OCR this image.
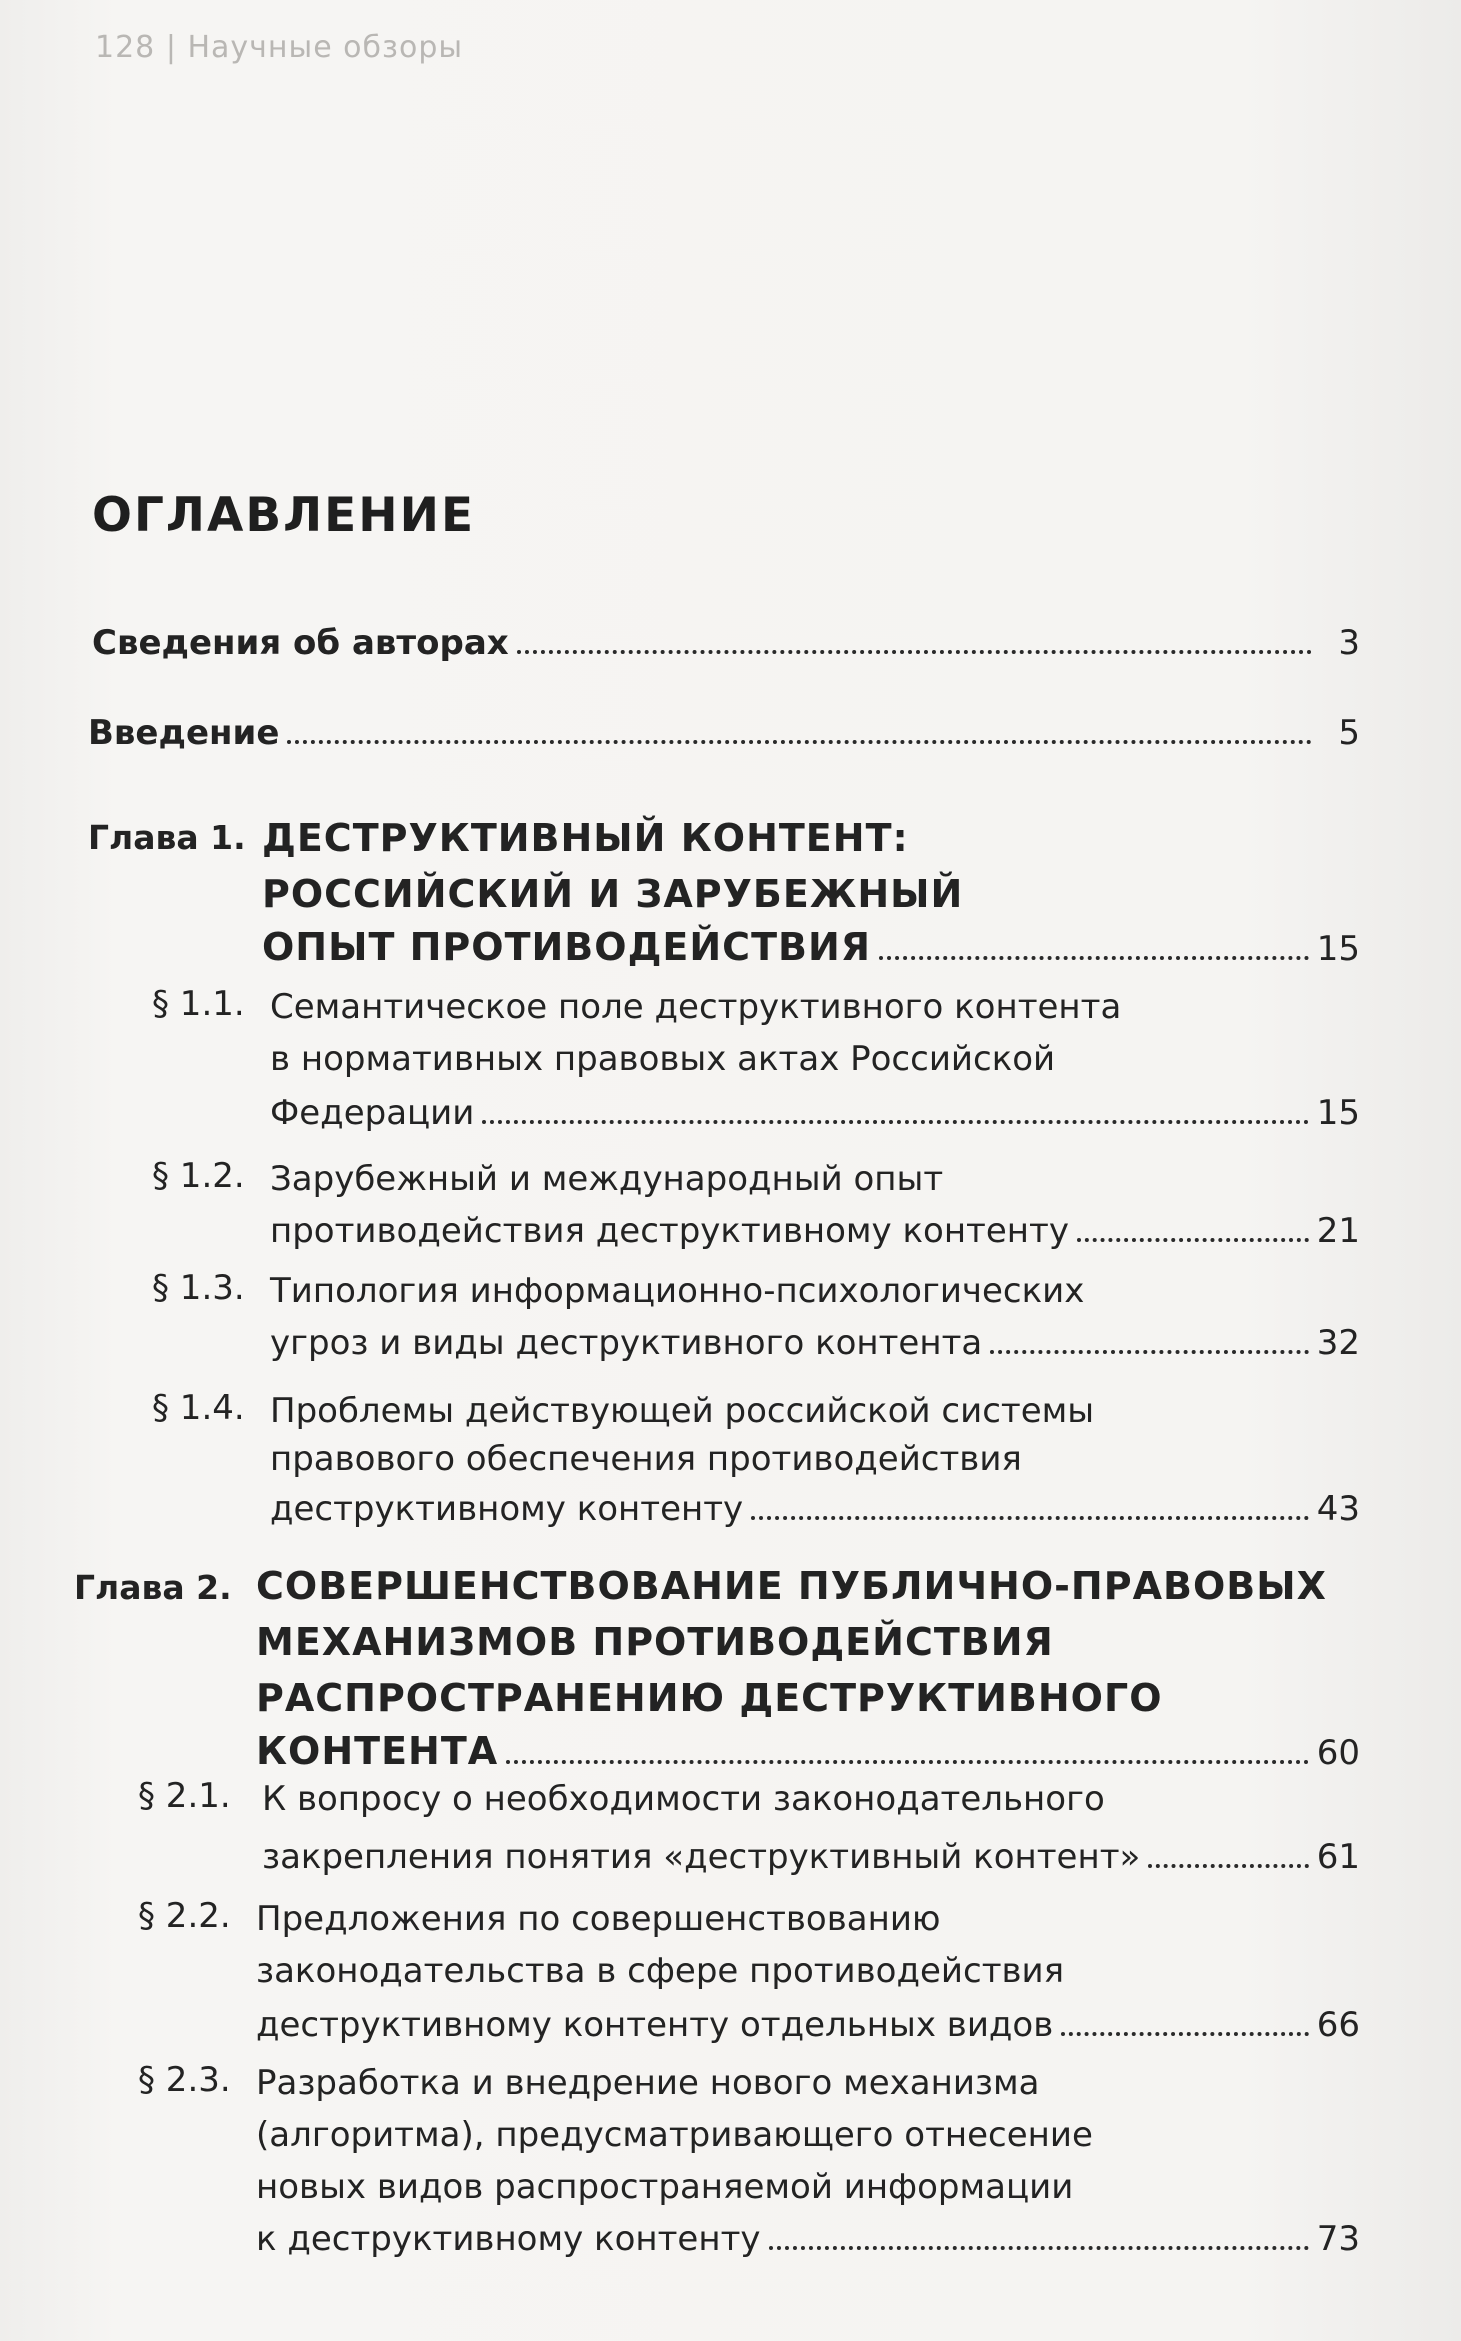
128 | Научные обзоры
ОГЛАВЛЕНИЕ
Сведения об авторах	3
Введение	5
Глава 1. ДЕСТРУКТИВНЫЙ КОНТЕНТ:
РОССИЙСКИЙ И ЗАРУБЕЖНЫЙ
ОПЫТ ПРОТИВОДЕЙСТВИЯ	15
§ 1.1. Семантическое поле деструктивного контента
в нормативных правовых актах Российской
Федерации	15
§ 1.2. Зарубежный и международный опыт
противодействия деструктивному контенту	21
§ 1.3. Типология информационно-психологических
угроз и виды деструктивного контента	32
§ 1.4. Проблемы действующей российской системы
правового обеспечения противодействия
деструктивному контенту	43
Глава 2. СОВЕРШЕНСТВОВАНИЕ ПУБЛИЧНО-ПРАВОВЫХ
МЕХАНИЗМОВ ПРОТИВОДЕЙСТВИЯ
РАСПРОСТРАНЕНИЮ ДЕСТРУКТИВНОГО
КОНТЕНТА	60
§ 2.1. К вопросу о необходимости законодательного
закрепления понятия «деструктивный контент»	61
§ 2.2. Предложения по совершенствованию
законодательства в сфере противодействия
деструктивному контенту отдельных видов	66
§ 2.3. Разработка и внедрение нового механизма
(алгоритма), предусматривающего отнесение
новых видов распространяемой информации
к деструктивному контенту	73
